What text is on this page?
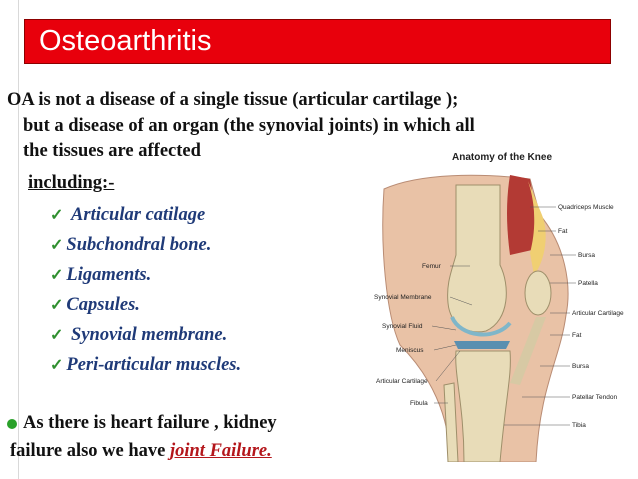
Osteoarthritis
OA is not a disease of a single tissue (articular cartilage );
but a disease of an organ (the synovial joints) in which all
the tissues are affected
including:-
✓
Articular catilage
✓ Subchondral bone.
✓ Ligaments.
✓ Capsules.
✓
Synovial membrane.
✓ Peri-articular muscles.
As there is heart failure , kidney
failure also we have joint Failure.
Anatomy of the Knee
Quadriceps Muscle
Fat
Femur
Bursa
Patella
Synovial Membrane
Articular Cartilage
Synovial Fluid
Fat
Meniscus
Articular Cartilage
Bursa
Fibula
Patellar Tendon
Tibia
